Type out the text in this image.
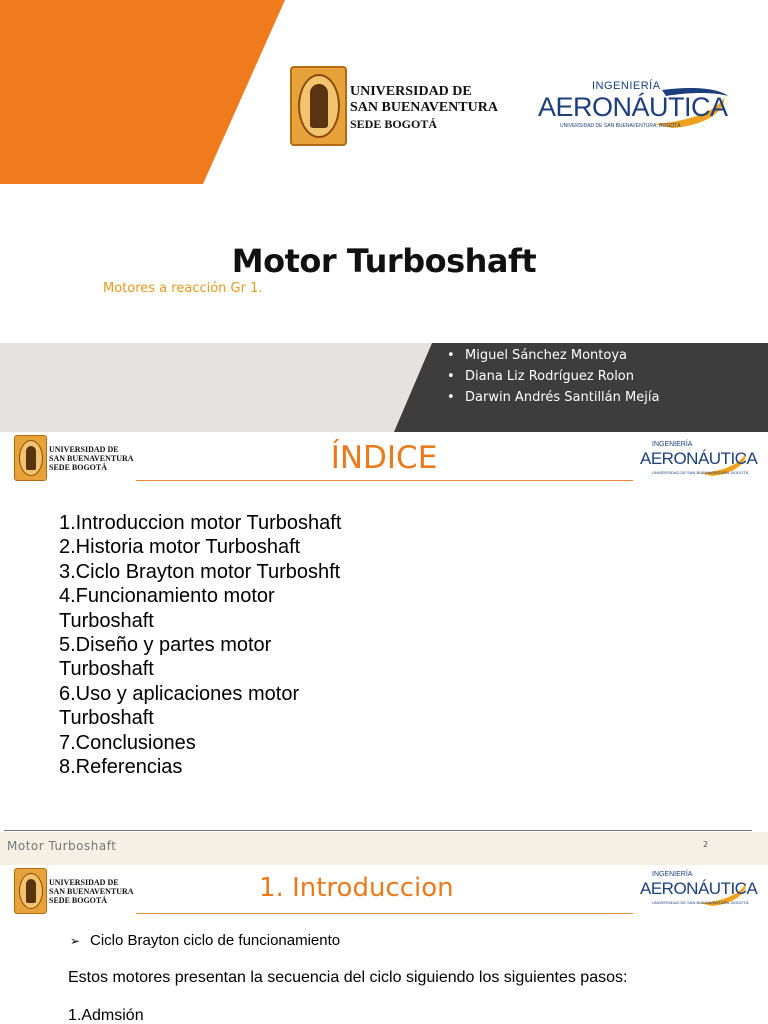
UNIVERSIDAD DE
SAN BUENAVENTURA
SEDE BOGOTÁ
INGENIERÍA
AERONÁUTICA
UNIVERSIDAD DE SAN BUENAVENTURA, BOGOTÁ
Motor Turboshaft
Motores a reacción Gr 1.
• Miguel Sánchez Montoya
• Diana Liz Rodríguez Rolon
• Darwin Andrés Santillán Mejía
UNIVERSIDAD DE
SAN BUENAVENTURA
SEDE BOGOTÁ	ÍNDICE	INGENIERÍA
AERONÁUTICA
UNIVERSIDAD DE SAN BUENAVENTURA, BOGOTÁ
1.Introduccion motor Turboshaft
2.Historia motor Turboshaft
3.Ciclo Brayton motor Turboshft
4.Funcionamiento motor
Turboshaft
5.Diseño y partes motor
Turboshaft
6.Uso y aplicaciones motor
Turboshaft
7.Conclusiones
8.Referencias
Motor Turboshaft	2
UNIVERSIDAD DE
SAN BUENAVENTURA
SEDE BOGOTÁ	1. Introduccion	INGENIERÍA
AERONÁUTICA
UNIVERSIDAD DE SAN BUENAVENTURA, BOGOTÁ
➢ Ciclo Brayton ciclo de funcionamiento
Estos motores presentan la secuencia del ciclo siguiendo los siguientes pasos:
1.Admsión
